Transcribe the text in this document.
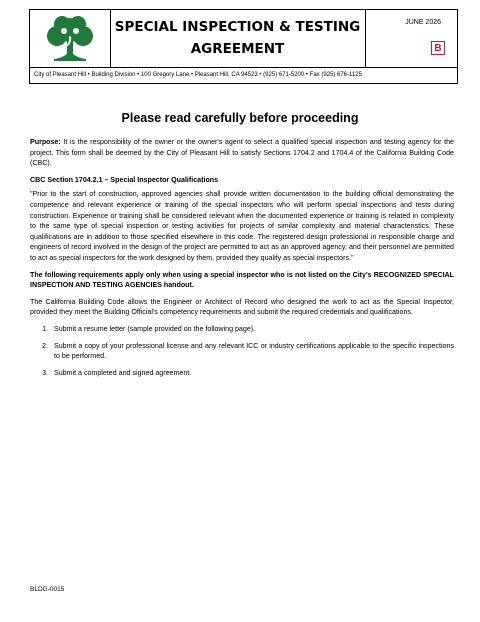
SPECIAL INSPECTION & TESTING
AGREEMENT
JUNE 2026
B
City of Pleasant Hill • Building Division • 100 Gregory Lane • Pleasant Hill, CA 94523 • (925) 671-5200 • Fax (925) 676-1125
Please read carefully before proceeding

Purpose: It is the responsibility of the owner or the owner's agent to select a qualified special inspection and testing agency for the project. This form shall be deemed by the City of Pleasant Hill to satisfy Sections 1704.2 and 1704.4 of the California Building Code (CBC).

CBC Section 1704.2.1 – Special Inspector Qualifications

"Prior to the start of construction, approved agencies shall provide written documentation to the building official demonstrating the competence and relevant experience or training of the special inspectors who will perform special inspections and tests during construction. Experience or training shall be considered relevant when the documented experience or training is related in complexity to the same type of special inspection or testing activities for projects of similar complexity and material characteristics. These qualifications are in addition to those specified elsewhere in this code. The registered design professional in responsible charge and engineers of record involved in the design of the project are permitted to act as an approved agency, and their personnel are permitted to act as special inspectors for the work designed by them, provided they qualify as special inspectors."

The following requirements apply only when using a special inspector who is not listed on the City's RECOGNIZED SPECIAL INSPECTION AND TESTING AGENCIES handout.

The California Building Code allows the Engineer or Architect of Record who designed the work to act as the Special Inspector, provided they meet the Building Official's competency requirements and submit the required credentials and qualifications.

1. Submit a resume letter (sample provided on the following page).
2. Submit a copy of your professional license and any relevant ICC or industry certifications applicable to the specific inspections to be performed.
3. Submit a completed and signed agreement.
BLDG-0015
